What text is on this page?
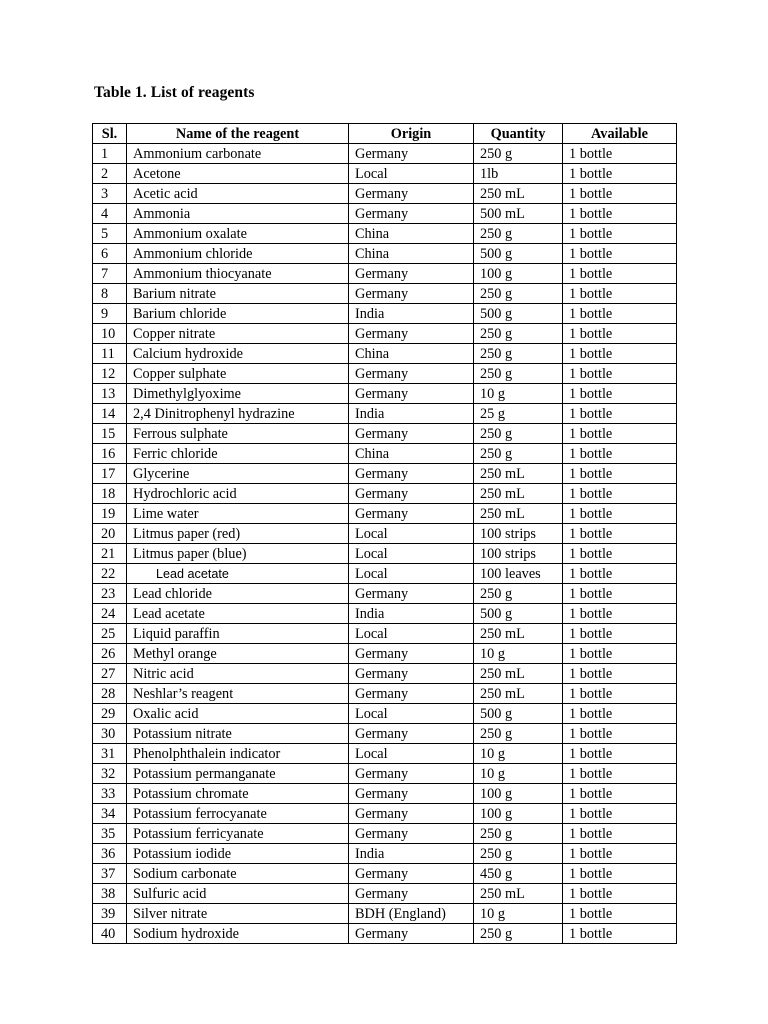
Table 1. List of reagents
Sl.	Name of the reagent	Origin	Quantity	Available
1	Ammonium carbonate	Germany	250 g	1 bottle
2	Acetone	Local	1lb	1 bottle
3	Acetic acid	Germany	250 mL	1 bottle
4	Ammonia	Germany	500 mL	1 bottle
5	Ammonium oxalate	China	250 g	1 bottle
6	Ammonium chloride	China	500 g	1 bottle
7	Ammonium thiocyanate	Germany	100 g	1 bottle
8	Barium nitrate	Germany	250 g	1 bottle
9	Barium chloride	India	500 g	1 bottle
10	Copper nitrate	Germany	250 g	1 bottle
11	Calcium hydroxide	China	250 g	1 bottle
12	Copper sulphate	Germany	250 g	1 bottle
13	Dimethylglyoxime	Germany	10 g	1 bottle
14	2,4 Dinitrophenyl hydrazine	India	25 g	1 bottle
15	Ferrous sulphate	Germany	250 g	1 bottle
16	Ferric chloride	China	250 g	1 bottle
17	Glycerine	Germany	250 mL	1 bottle
18	Hydrochloric acid	Germany	250 mL	1 bottle
19	Lime water	Germany	250 mL	1 bottle
20	Litmus paper (red)	Local	100 strips	1 bottle
21	Litmus paper (blue)	Local	100 strips	1 bottle
22	Lead acetate	Local	100 leaves	1 bottle
23	Lead chloride	Germany	250 g	1 bottle
24	Lead acetate	India	500 g	1 bottle
25	Liquid paraffin	Local	250 mL	1 bottle
26	Methyl orange	Germany	10 g	1 bottle
27	Nitric acid	Germany	250 mL	1 bottle
28	Neshlar’s reagent	Germany	250 mL	1 bottle
29	Oxalic acid	Local	500 g	1 bottle
30	Potassium nitrate	Germany	250 g	1 bottle
31	Phenolphthalein indicator	Local	10 g	1 bottle
32	Potassium permanganate	Germany	10 g	1 bottle
33	Potassium chromate	Germany	100 g	1 bottle
34	Potassium ferrocyanate	Germany	100 g	1 bottle
35	Potassium ferricyanate	Germany	250 g	1 bottle
36	Potassium iodide	India	250 g	1 bottle
37	Sodium carbonate	Germany	450 g	1 bottle
38	Sulfuric acid	Germany	250 mL	1 bottle
39	Silver nitrate	BDH (England)	10 g	1 bottle
40	Sodium hydroxide	Germany	250 g	1 bottle
